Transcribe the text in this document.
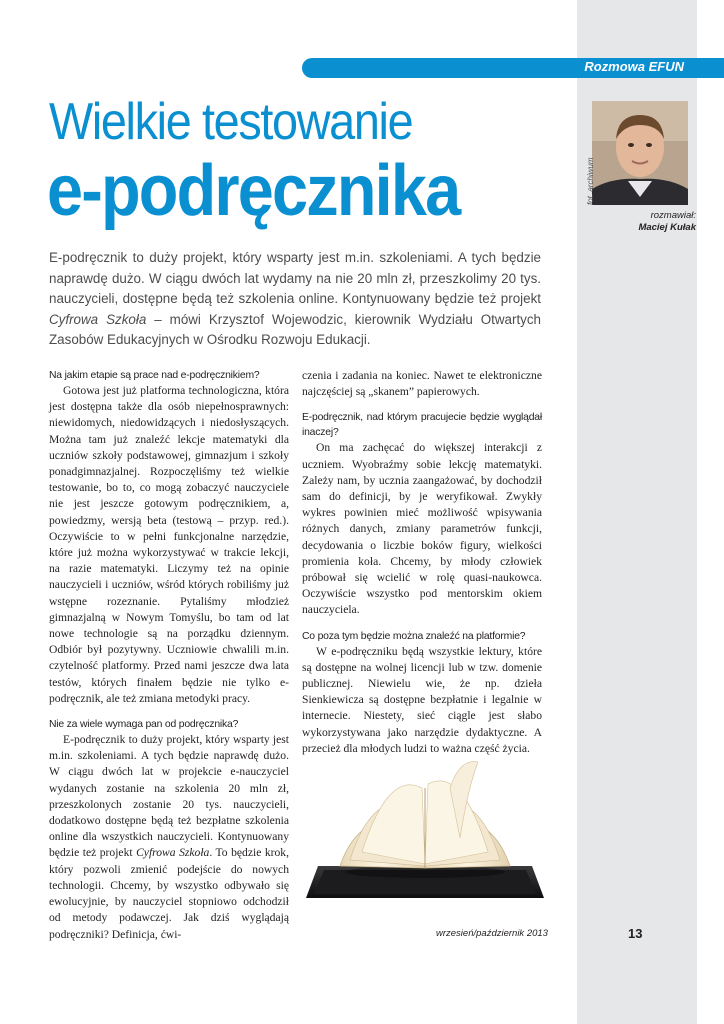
Rozmowa EFUN
Wielkie testowanie
e-podręcznika	fot. archiwum
rozmawiał:
Maciej Kułak

E-podręcznik to duży projekt, który wsparty jest m.in. szkoleniami. A tych będzie naprawdę dużo. W ciągu dwóch lat wydamy na nie 20 mln zł, przeszkolimy 20 tys. nauczycieli, dostępne będą też szkolenia online. Kontynuowany będzie też projekt Cyfrowa Szkoła – mówi Krzysztof Wojewodzic, kierownik Wydziału Otwartych Zasobów Edukacyjnych w Ośrodku Rozwoju Edukacji.

Na jakim etapie są prace nad e-podręcznikiem?

Gotowa jest już platforma technologiczna, która jest dostępna także dla osób niepełnosprawnych: niewidomych, niedowidzących i niedosłyszących. Można tam już znaleźć lekcje matematyki dla uczniów szkoły podstawowej, gimnazjum i szkoły ponadgimnazjalnej. Rozpoczęliśmy też wielkie testowanie, bo to, co mogą zobaczyć nauczyciele nie jest jeszcze gotowym podręcznikiem, a, powiedzmy, wersją beta (testową – przyp. red.). Oczywiście to w pełni funkcjonalne narzędzie, które już można wykorzystywać w trakcie lekcji, na razie matematyki. Liczymy też na opinie nauczycieli i uczniów, wśród których robiliśmy już wstępne rozeznanie. Pytaliśmy młodzież gimnazjalną w Nowym Tomyślu, bo tam od lat nowe technologie są na porządku dziennym. Odbiór był pozytywny. Uczniowie chwalili m.in. czytelność platformy. Przed nami jeszcze dwa lata testów, których finałem będzie nie tylko e-podręcznik, ale też zmiana metodyki pracy.

Nie za wiele wymaga pan od podręcznika?

E-podręcznik to duży projekt, który wsparty jest m.in. szkoleniami. A tych będzie naprawdę dużo. W ciągu dwóch lat w projekcie e-nauczyciel wydanych zostanie na szkolenia 20 mln zł, przeszkolonych zostanie 20 tys. nauczycieli, dodatkowo dostępne będą też bezpłatne szkolenia online dla wszystkich nauczycieli. Kontynuowany będzie też projekt Cyfrowa Szkoła. To będzie krok, który pozwoli zmienić podejście do nowych technologii. Chcemy, by wszystko odbywało się ewolucyjnie, by nauczyciel stopniowo odchodził od metody podawczej. Jak dziś wyglądają podręczniki? Definicja, ćwi-

czenia i zadania na koniec. Nawet te elektroniczne najczęściej są „skanem” papierowych.

E-podręcznik, nad którym pracujecie będzie wyglądał inaczej?

On ma zachęcać do większej interakcji z uczniem. Wyobraźmy sobie lekcję matematyki. Zależy nam, by ucznia zaangażować, by dochodził sam do definicji, by je weryfikował. Zwykły wykres powinien mieć możliwość wpisywania różnych danych, zmiany parametrów funkcji, decydowania o liczbie boków figury, wielkości promienia koła. Chcemy, by młody człowiek próbował się wcielić w rolę quasi-naukowca. Oczywiście wszystko pod mentorskim okiem nauczyciela.

Co poza tym będzie można znaleźć na platformie?

W e-podręczniku będą wszystkie lektury, które są dostępne na wolnej licencji lub w tzw. domenie publicznej. Niewielu wie, że np. dzieła Sienkiewicza są dostępne bezpłatnie i legalnie w internecie. Niestety, sieć ciągle jest słabo wykorzystywana jako narzędzie dydaktyczne. A przecież dla młodych ludzi to ważna część życia.

wrzesień/październik 2013	13
